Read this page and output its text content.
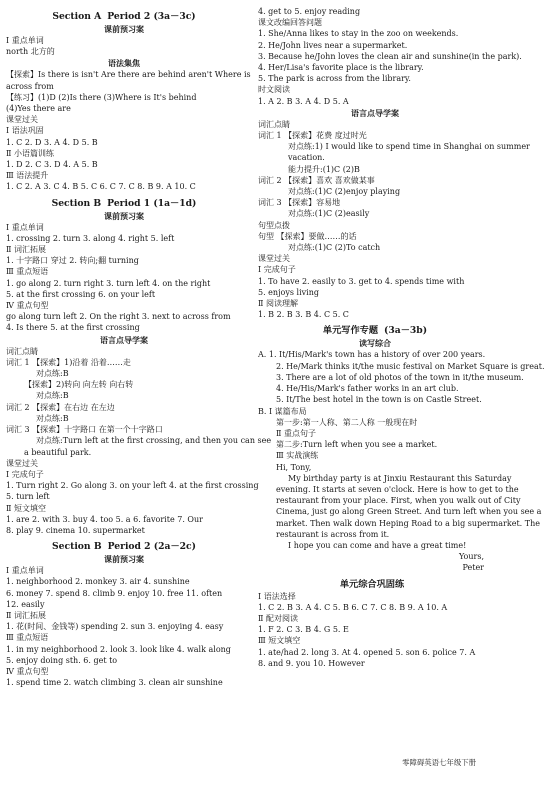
Section A Period 2 (3a－3c)
课前预习案
Ⅰ 重点单词
north 北方的
语法集焦
【探索】Is there is isn't Are there are behind aren't Where is
across from
【练习】(1)D (2)Is there (3)Where is It's behind
(4)Yes there are
课堂过关
Ⅰ 语法巩固
1. C 2. D 3. A 4. D 5. B
Ⅱ 小语篇训练
1. D 2. C 3. D 4. A 5. B
Ⅲ 语法提升
1. C 2. A 3. C 4. B 5. C 6. C 7. C 8. B 9. A 10. C
Section B Period 1 (1a－1d)
课前预习案
Ⅰ 重点单词
1. crossing 2. turn 3. along 4. right 5. left
Ⅱ 词汇拓展
1. 十字路口 穿过 2. 转向;翻 turning
Ⅲ 重点短语
1. go along 2. turn right 3. turn left 4. on the right
5. at the first crossing 6. on your left
Ⅳ 重点句型
go along turn left 2. On the right 3. next to across from
4. Is there 5. at the first crossing
语言点导学案
词汇点睛
词汇 1 【探索】1)沿着 沿着……走
对点练:B
【探索】2)转向 向左转 向右转
对点练:B
词汇 2 【探索】在右边 在左边
对点练:B
词汇 3 【探索】十字路口 在第一个十字路口
对点练:Turn left at the first crossing, and then you can see
a beautiful park.
课堂过关
Ⅰ 完成句子
1. Turn right 2. Go along 3. on your left 4. at the first crossing
5. turn left
Ⅱ 短文填空
1. are 2. with 3. buy 4. too 5. a 6. favorite 7. Our
8. play 9. cinema 10. supermarket
Section B Period 2 (2a－2c)
课前预习案
Ⅰ 重点单词
1. neighborhood 2. monkey 3. air 4. sunshine
6. money 7. spend 8. climb 9. enjoy 10. free 11. often
12. easily
Ⅱ 词汇拓展
1. 花(时间、金钱等) spending 2. sun 3. enjoying 4. easy
Ⅲ 重点短语
1. in my neighborhood 2. look 3. look like 4. walk along
5. enjoy doing sth. 6. get to
Ⅳ 重点句型
1. spend time 2. watch climbing 3. clean air sunshine
4. get to 5. enjoy reading
课文改编回答问题
1. She/Anna likes to stay in the zoo on weekends.
2. He/John lives near a supermarket.
3. Because he/John loves the clean air and sunshine(in the park).
4. Her/Lisa's favorite place is the library.
5. The park is across from the library.
时文阅读
1. A 2. B 3. A 4. D 5. A
语言点导学案
词汇点睛
词汇 1 【探索】花费 度过时光
对点练:1) I would like to spend time in Shanghai on summer
vacation.
能力提升:(1)C (2)B
词汇 2 【探索】喜欢 喜欢做某事
对点练:(1)C (2)enjoy playing
词汇 3 【探索】容易地
对点练:(1)C (2)easily
句型点拨
句型 【探索】要做……的话
对点练:(1)C (2)To catch
课堂过关
Ⅰ 完成句子
1. To have 2. easily to 3. get to 4. spends time with
5. enjoys living
Ⅱ 阅读理解
1. B 2. B 3. B 4. C 5. C
单元写作专题 (3a－3b)
读写综合
A. 1. It/His/Mark's town has a history of over 200 years.
2. He/Mark thinks it/the music festival on Market Square is great.
3. There are a lot of old photos of the town in it/the museum.
4. He/His/Mark's father works in an art club.
5. It/The best hotel in the town is on Castle Street.
B. Ⅰ 谋篇布局
第一步:第一人称、第二人称 一般现在时
Ⅱ 重点句子
第二步:Turn left when you see a market.
Ⅲ 实战演练
Hi, Tony,
My birthday party is at Jinxiu Restaurant this Saturday
evening. It starts at seven o'clock. Here is how to get to the
restaurant from your place. First, when you walk out of City
Cinema, just go along Green Street. And turn left when you see a
market. Then walk down Heping Road to a big supermarket. The
restaurant is across from it.
I hope you can come and have a great time!
Yours,
Peter
单元综合巩固练
Ⅰ 语法选择
1. C 2. B 3. A 4. C 5. B 6. C 7. C 8. B 9. A 10. A
Ⅱ 配对阅读
1. F 2. C 3. B 4. G 5. E
Ⅲ 短文填空
1. ate/had 2. long 3. At 4. opened 5. son 6. police 7. A
8. and 9. you 10. However
零障碍英语七年级下册
